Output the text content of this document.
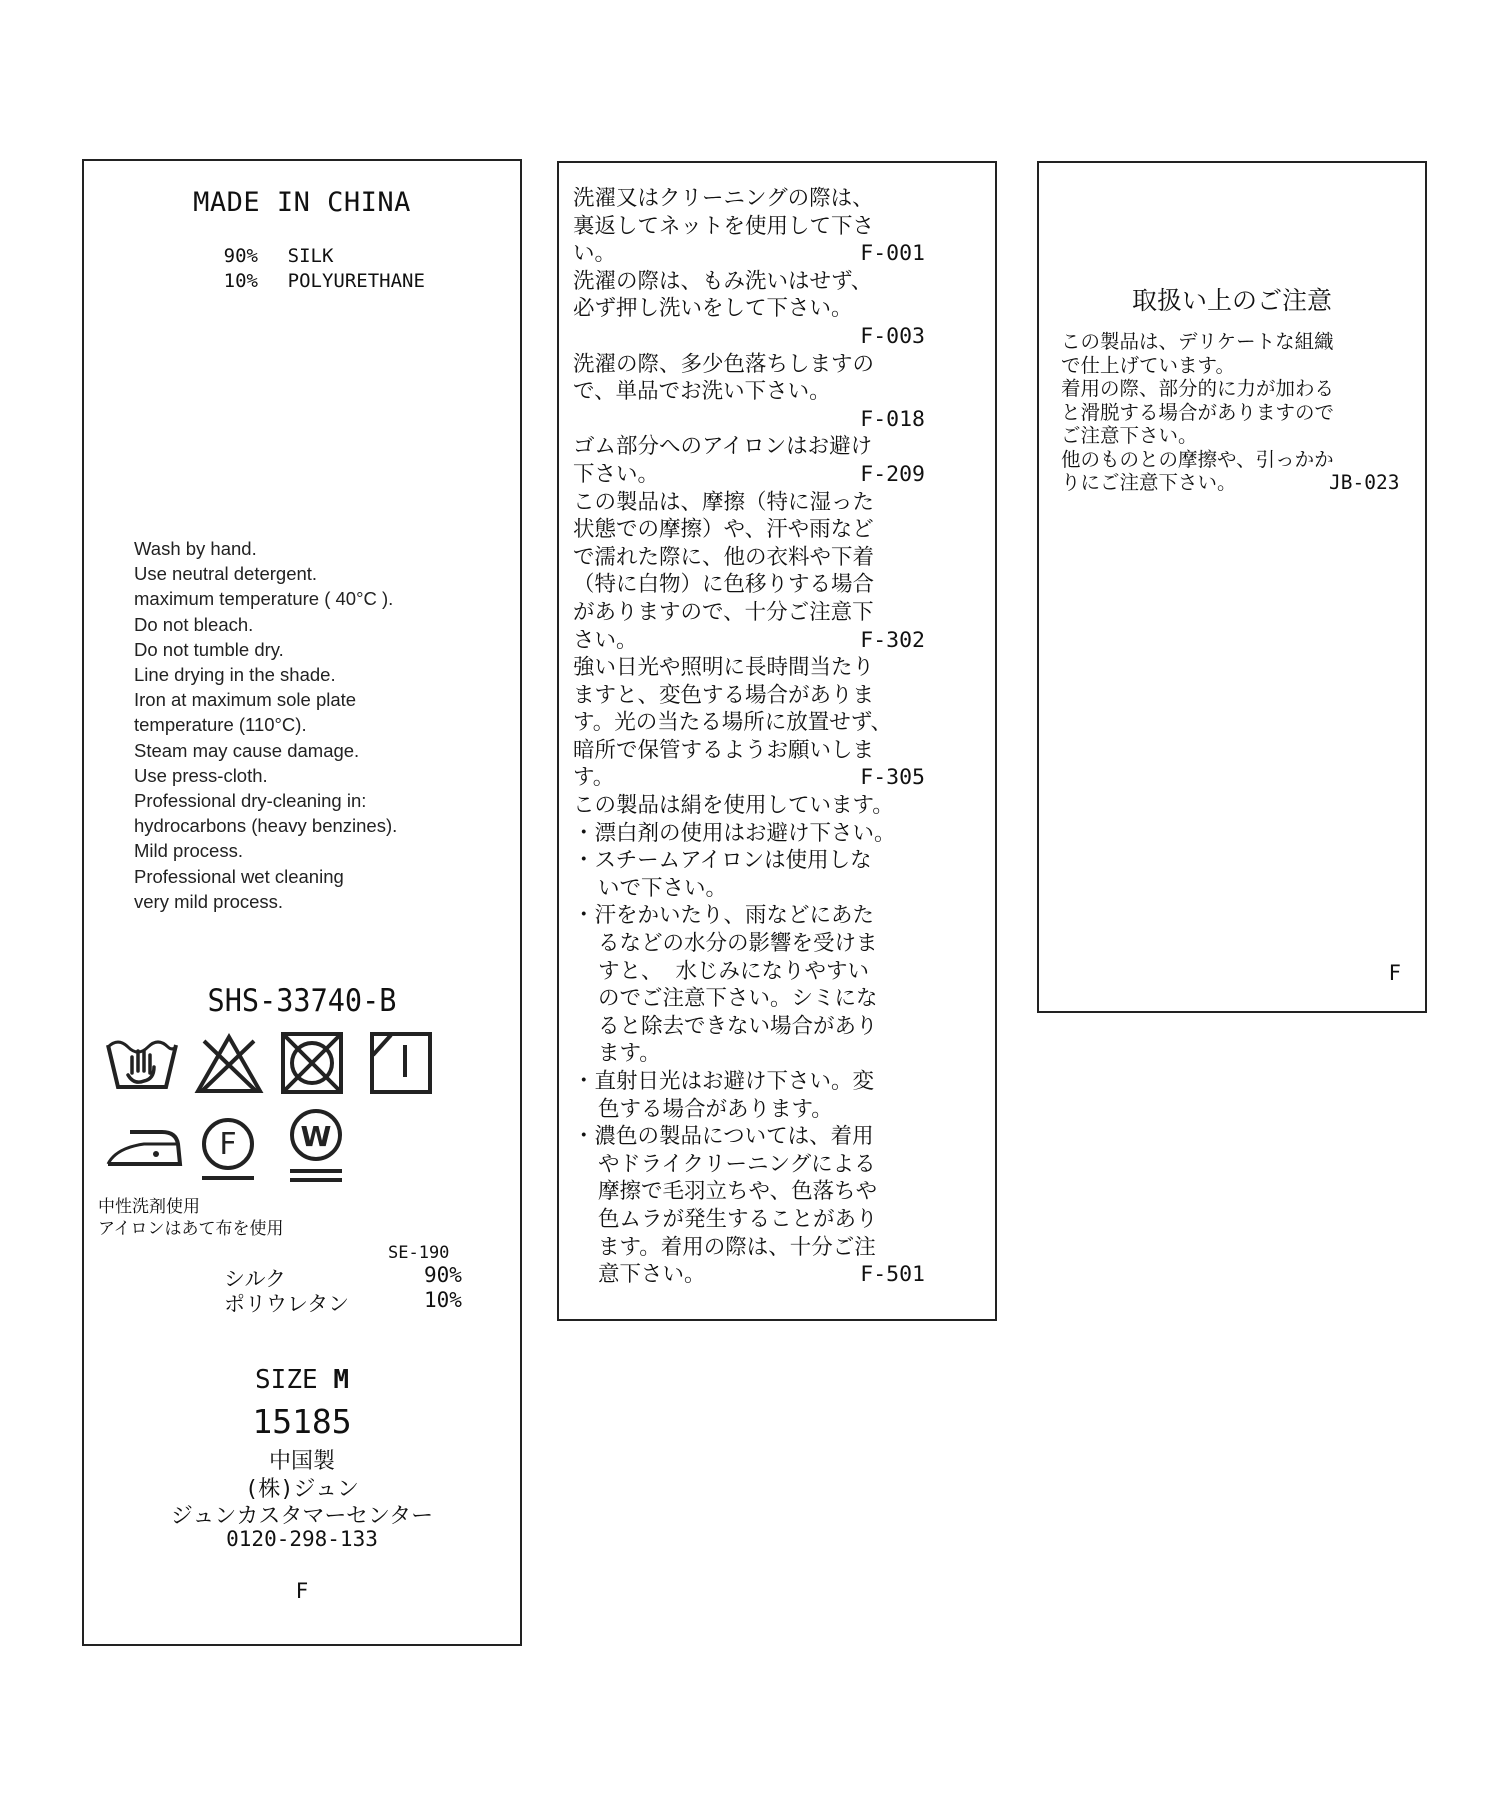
MADE IN CHINA
90% SILK
10% POLYURETHANE
Wash by hand.
Use neutral detergent.
maximum temperature ( 40°C ).
Do not bleach.
Do not tumble dry.
Line drying in the shade.
Iron at maximum sole plate
temperature (110°C).
Steam may cause damage.
Use press-cloth.
Professional dry-cleaning in:
hydrocarbons (heavy benzines).
Mild process.
Professional wet cleaning
very mild process.
SHS-33740-B
F W
中性洗剤使用
アイロンはあて布を使用
SE-190
シルク	90%
ポリウレタン	10%
SIZE M
15185
中国製
(株)ジュン
ジュンカスタマーセンター
0120-298-133
F
洗濯又はクリーニングの際は、
裏返してネットを使用して下さ
い。	F-001
洗濯の際は、もみ洗いはせず、
必ず押し洗いをして下さい。
F-003
洗濯の際、多少色落ちしますの
で、単品でお洗い下さい。
F-018
ゴム部分へのアイロンはお避け
下さい。	F-209
この製品は、摩擦（特に湿った
状態での摩擦）や、汗や雨など
で濡れた際に、他の衣料や下着
（特に白物）に色移りする場合
がありますので、十分ご注意下
さい。	F-302
強い日光や照明に長時間当たり
ますと、変色する場合がありま
す。光の当たる場所に放置せず、
暗所で保管するようお願いしま
す。	F-305
この製品は絹を使用しています。
・漂白剤の使用はお避け下さい。
・スチームアイロンは使用しな
いで下さい。
・汗をかいたり、雨などにあた
るなどの水分の影響を受けま
すと、 水じみになりやすい
のでご注意下さい。シミにな
ると除去できない場合があり
ます。
・直射日光はお避け下さい。変
色する場合があります。
・濃色の製品については、着用
やドライクリーニングによる
摩擦で毛羽立ちや、色落ちや
色ムラが発生することがあり
ます。着用の際は、十分ご注
意下さい。	F-501
取扱い上のご注意
この製品は、デリケートな組織
で仕上げています。
着用の際、部分的に力が加わる
と滑脱する場合がありますので
ご注意下さい。
他のものとの摩擦や、引っかか
りにご注意下さい。	JB-023
F
